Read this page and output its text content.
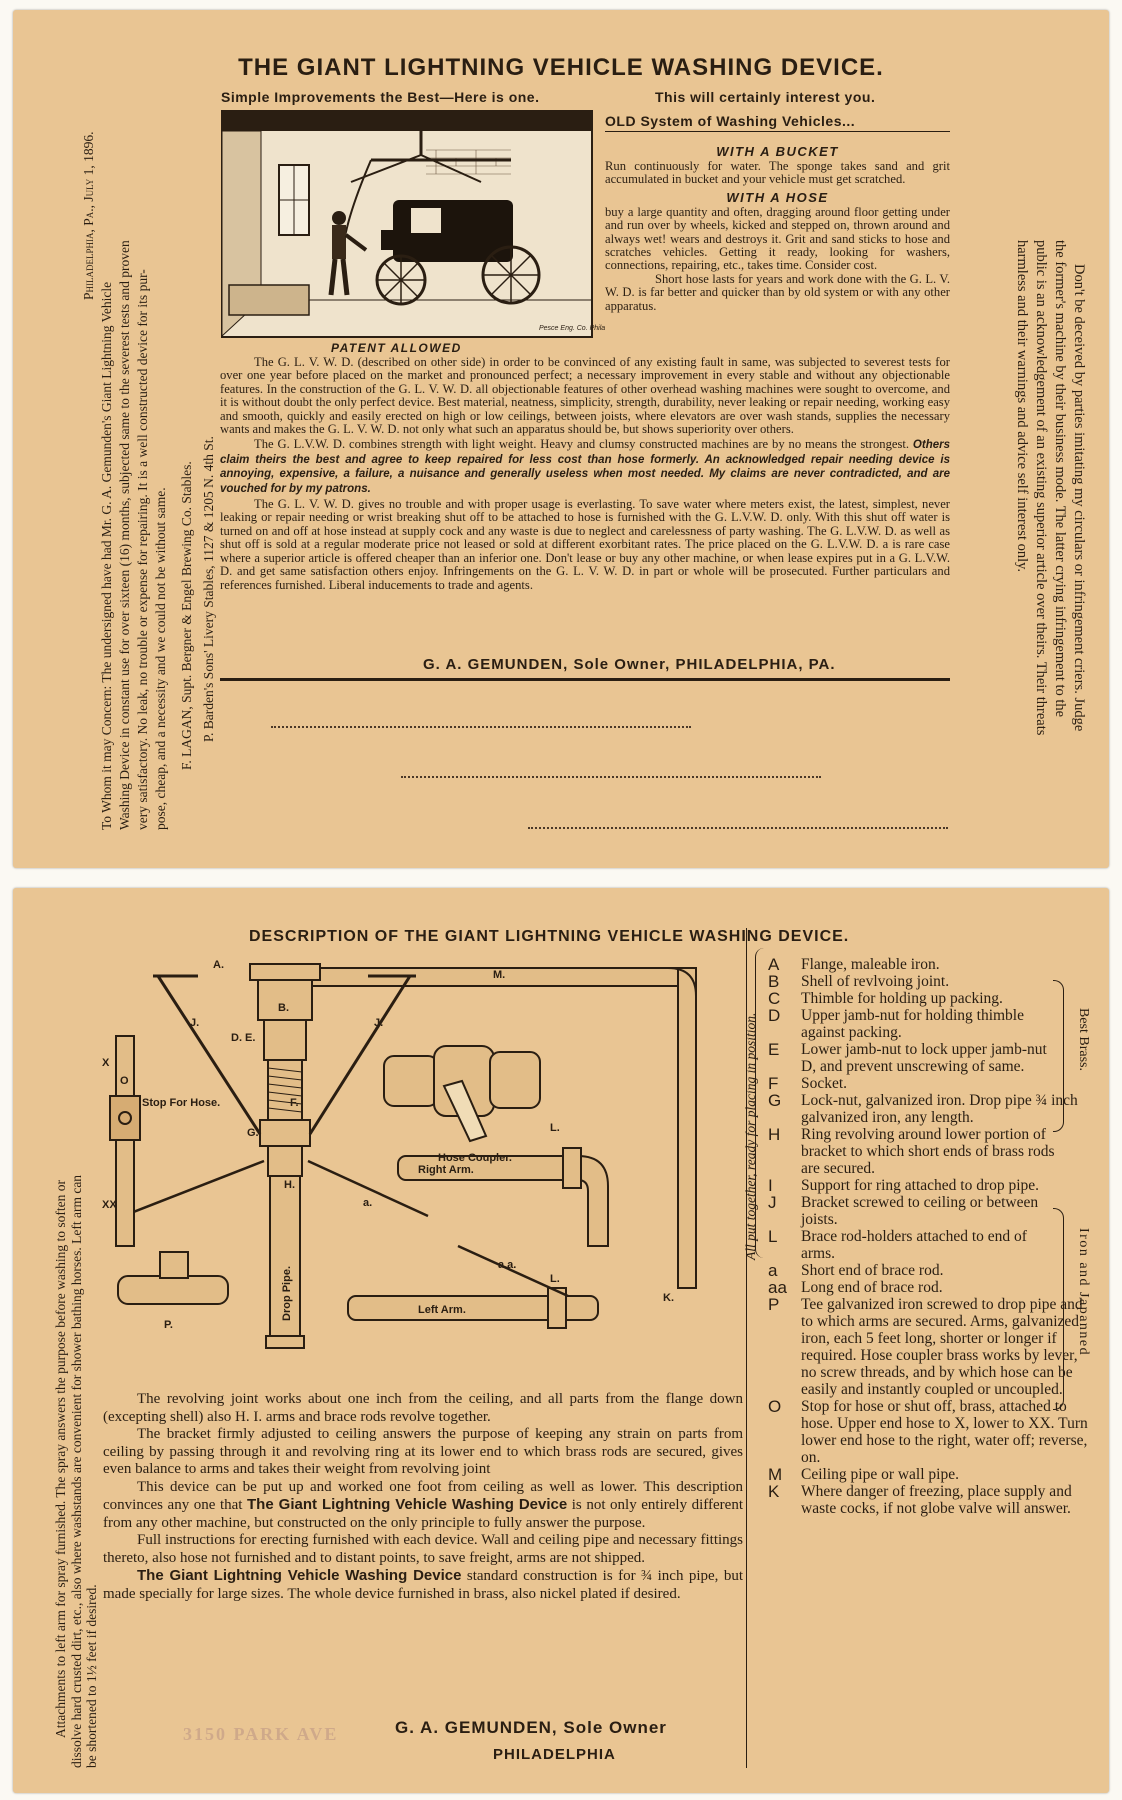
THE GIANT LIGHTNING VEHICLE WASHING DEVICE.
Simple Improvements the Best—Here is one.	This will certainly interest you.
Pesce Eng. Co. Phila
PATENT ALLOWED
OLD System of Washing Vehicles...
WITH A BUCKET

Run continuously for water. The sponge takes sand and grit accumulated in bucket and your vehicle must get scratched.

WITH A HOSE

buy a large quantity and often, dragging around floor getting under and run over by wheels, kicked and stepped on, thrown around and always wet! wears and destroys it. Grit and sand sticks to hose and scratches vehicles. Getting it ready, looking for washers, connections, repairing, etc., takes time. Consider cost.

Short hose lasts for years and work done with the G. L. V. W. D. is far better and quicker than by old system or with any other apparatus.

The G. L. V. W. D. (described on other side) in order to be convinced of any existing fault in same, was subjected to severest tests for over one year before placed on the market and pronounced perfect; a necessary improvement in every stable and without any objectionable features. In the construction of the G. L. V. W. D. all objectionable features of other overhead washing machines were sought to overcome, and it is without doubt the only perfect device. Best material, neatness, simplicity, strength, durability, never leaking or repair needing, working easy and smooth, quickly and easily erected on high or low ceilings, between joists, where elevators are over wash stands, supplies the necessary wants and makes the G. L. V. W. D. not only what such an apparatus should be, but shows superiority over others.

The G. L.V.W. D. combines strength with light weight. Heavy and clumsy constructed machines are by no means the strongest. Others claim theirs the best and agree to keep repaired for less cost than hose formerly. An acknowledged repair needing device is annoying, expensive, a failure, a nuisance and generally useless when most needed. My claims are never contradicted, and are vouched for by my patrons.

The G. L. V. W. D. gives no trouble and with proper usage is everlasting. To save water where meters exist, the latest, simplest, never leaking or repair needing or wrist breaking shut off to be attached to hose is furnished with the G. L.V.W. D. only. With this shut off water is turned on and off at hose instead at supply cock and any waste is due to neglect and carelessness of party washing. The G. L.V.W. D. as well as shut off is sold at a regular moderate price not leased or sold at different exorbitant rates. The price placed on the G. L.V.W. D. a is rare case where a superior article is offered cheaper than an inferior one. Don't lease or buy any other machine, or when lease expires put in a G. L.V.W. D. and get same satisfaction others enjoy. Infringements on the G. L. V. W. D. in part or whole will be prosecuted. Further particulars and references furnished. Liberal inducements to trade and agents.

G. A. GEMUNDEN, Sole Owner, PHILADELPHIA, PA.
Philadelphia, Pa., July 1, 1896.
To Whom it may Concern: The undersigned have had Mr. G. A. Gemunden's Giant Lightning Vehicle Washing Device in constant use for over sixteen (16) months, subjected same to the severest tests and proven very satisfactory. No leak, no trouble or expense for repairing. It is a well constructed device for its pur- pose, cheap, and a necessity and we could not be without same. F. LAGAN, Supt. Bergner & Engel Brewing Co. Stables. P. Barden's Sons' Livery Stables, 1127 & 1205 N. 4th St.	Don't be deceived by parties imitating my circulars or infringement criers. Judge
the former's machine by their business mode. The latter crying infringement to the
public is an acknowledgement of an existing superior article over theirs. Their threats
harmless and their warnings and advice self interest only.
DESCRIPTION OF THE GIANT LIGHTNING VEHICLE WASHING DEVICE.
A.
M.
B.
D. E.
J.	J.
F.
G.
H.
Stop For Hose.
X
XX
O
Hose Coupler.
L.
Right Arm.
a.
a.a.
L.
Left Arm.
K.
P.
Drop Pipe.
All put together, ready for placing in position.
A	Flange, maleable iron.
B	Shell of revlvoing joint.
C	Thimble for holding up packing.
D	Upper jamb-nut for holding thimble against packing.
E	Lower jamb-nut to lock upper jamb-nut D, and prevent unscrewing of same.
F	Socket.
G	Lock-nut, galvanized iron. Drop pipe ¾ inch galvanized iron, any length.
H	Ring revolving around lower portion of bracket to which short ends of brass rods are secured.
I	Support for ring attached to drop pipe.
J	Bracket screwed to ceiling or between joists.
L	Brace rod-holders attached to end of arms.
a	Short end of brace rod.
aa Long end of brace rod.
P	Tee galvanized iron screwed to drop pipe and to which arms are secured. Arms, galvanized iron, each 5 feet long, shorter or longer if required. Hose coupler brass works by lever, no screw threads, and by which hose can be easily and instantly coupled or uncoupled.
O	Stop for hose or shut off, brass, attached to hose. Upper end hose to X, lower to XX. Turn lower end hose to the right, water off; reverse, on.
M	Ceiling pipe or wall pipe.
K	Where danger of freezing, place supply and waste cocks, if not globe valve will answer.
Best Brass.
Iron and Japanned

The revolving joint works about one inch from the ceiling, and all parts from the flange down (excepting shell) also H. I. arms and brace rods revolve together.

The bracket firmly adjusted to ceiling answers the purpose of keeping any strain on parts from ceiling by passing through it and revolving ring at its lower end to which brass rods are secured, gives even balance to arms and takes their weight from revolving joint

This device can be put up and worked one foot from ceiling as well as lower. This description convinces any one that The Giant Lightning Vehicle Washing Device is not only entirely different from any other machine, but constructed on the only principle to fully answer the purpose.

Full instructions for erecting furnished with each device. Wall and ceiling pipe and necessary fittings thereto, also hose not furnished and to distant points, to save freight, arms are not shipped.

The Giant Lightning Vehicle Washing Device standard construction is for ¾ inch pipe, but made specially for large sizes. The whole device furnished in brass, also nickel plated if desired.

3150 PARK AVE	G. A. GEMUNDEN, Sole Owner
PHILADELPHIA
Attachments to left arm for spray furnished. The spray answers the purpose before washing to soften or dissolve hard crusted dirt, etc., also where washstands are convenient for shower bathing horses. Left arm can be shortened to 1½ feet if desired.
